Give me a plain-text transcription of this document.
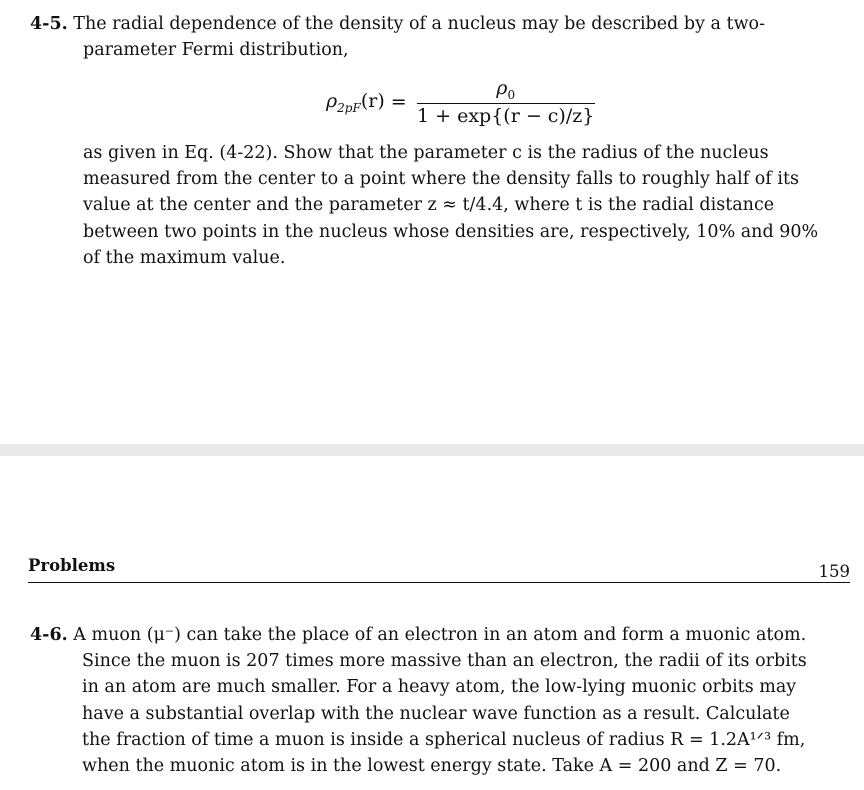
4-5. The radial dependence of the density of a nucleus may be described by a two-
parameter Fermi distribution,
$\rho_{2pF}(r) = \frac{\rho_0}{1 + \exp\{(r - c)/z\}}$
as given in Eq. (4-22). Show that the parameter c is the radius of the nucleus
measured from the center to a point where the density falls to roughly half of its
value at the center and the parameter z ≈ t/4.4, where t is the radial distance
between two points in the nucleus whose densities are, respectively, 10% and 90%
of the maximum value.
Problems	159
4-6. A muon (μ⁻) can take the place of an electron in an atom and form a muonic atom.
Since the muon is 207 times more massive than an electron, the radii of its orbits
in an atom are much smaller. For a heavy atom, the low-lying muonic orbits may
have a substantial overlap with the nuclear wave function as a result. Calculate
the fraction of time a muon is inside a spherical nucleus of radius R = 1.2A¹ᐟ³ fm,
when the muonic atom is in the lowest energy state. Take A = 200 and Z = 70.
